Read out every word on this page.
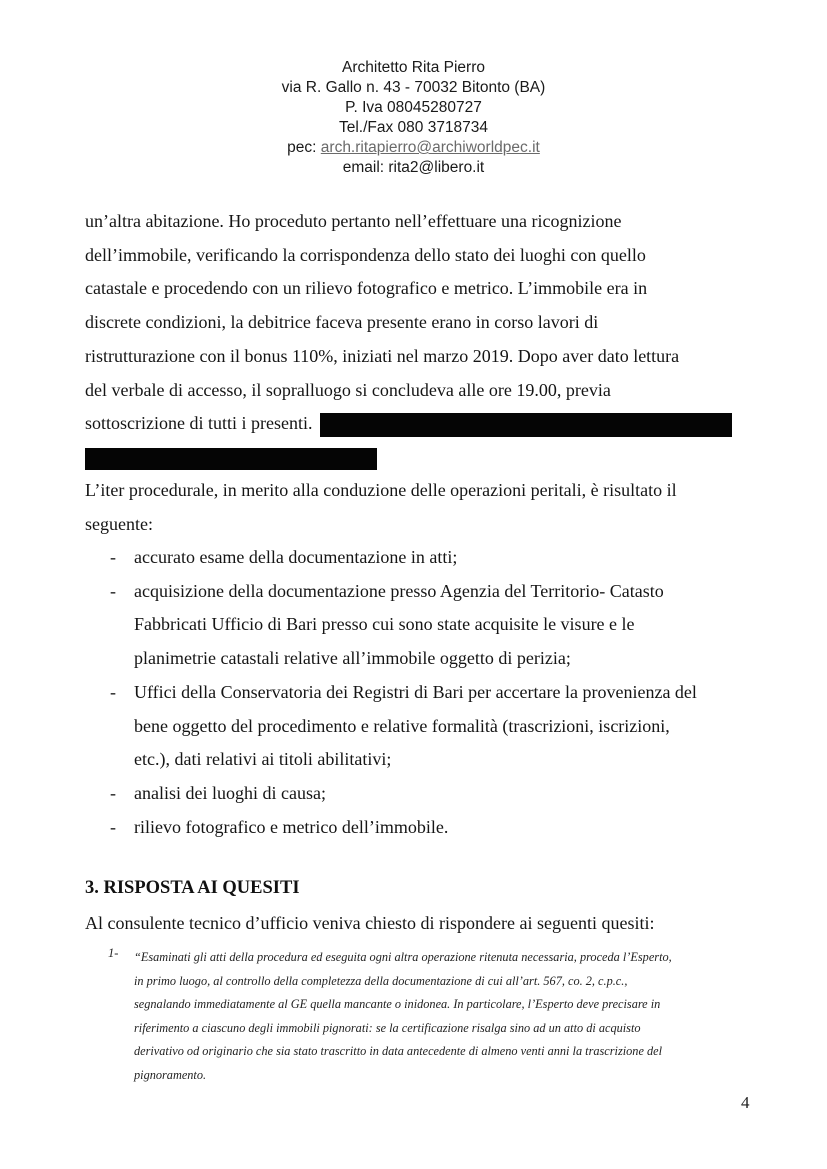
Architetto Rita Pierro
via R. Gallo n. 43 - 70032 Bitonto (BA)
P. Iva 08045280727
Tel./Fax 080 3718734
pec: arch.ritapierro@archiworldpec.it
email: rita2@libero.it
un’altra abitazione. Ho proceduto pertanto nell’effettuare una ricognizione
dell’immobile, verificando la corrispondenza dello stato dei luoghi con quello
catastale e procedendo con un rilievo fotografico e metrico. L’immobile era in
discrete condizioni, la debitrice faceva presente erano in corso lavori di
ristrutturazione con il bonus 110%, iniziati nel marzo 2019. Dopo aver dato lettura
del verbale di accesso, il sopralluogo si concludeva alle ore 19.00, previa
sottoscrizione di tutti i presenti.
L’iter procedurale, in merito alla conduzione delle operazioni peritali, è risultato il
seguente:
- accurato esame della documentazione in atti;
- acquisizione della documentazione presso Agenzia del Territorio- Catasto
Fabbricati Ufficio di Bari presso cui sono state acquisite le visure e le
planimetrie catastali relative all’immobile oggetto di perizia;
- Uffici della Conservatoria dei Registri di Bari per accertare la provenienza del
bene oggetto del procedimento e relative formalità (trascrizioni, iscrizioni,
etc.), dati relativi ai titoli abilitativi;
- analisi dei luoghi di causa;
- rilievo fotografico e metrico dell’immobile.
3. RISPOSTA AI QUESITI
Al consulente tecnico d’ufficio veniva chiesto di rispondere ai seguenti quesiti:
1- “Esaminati gli atti della procedura ed eseguita ogni altra operazione ritenuta necessaria, proceda l’Esperto,
in primo luogo, al controllo della completezza della documentazione di cui all’art. 567, co. 2, c.p.c.,
segnalando immediatamente al GE quella mancante o inidonea. In particolare, l’Esperto deve precisare in
riferimento a ciascuno degli immobili pignorati: se la certificazione risalga sino ad un atto di acquisto
derivativo od originario che sia stato trascritto in data antecedente di almeno venti anni la trascrizione del
pignoramento.
4
